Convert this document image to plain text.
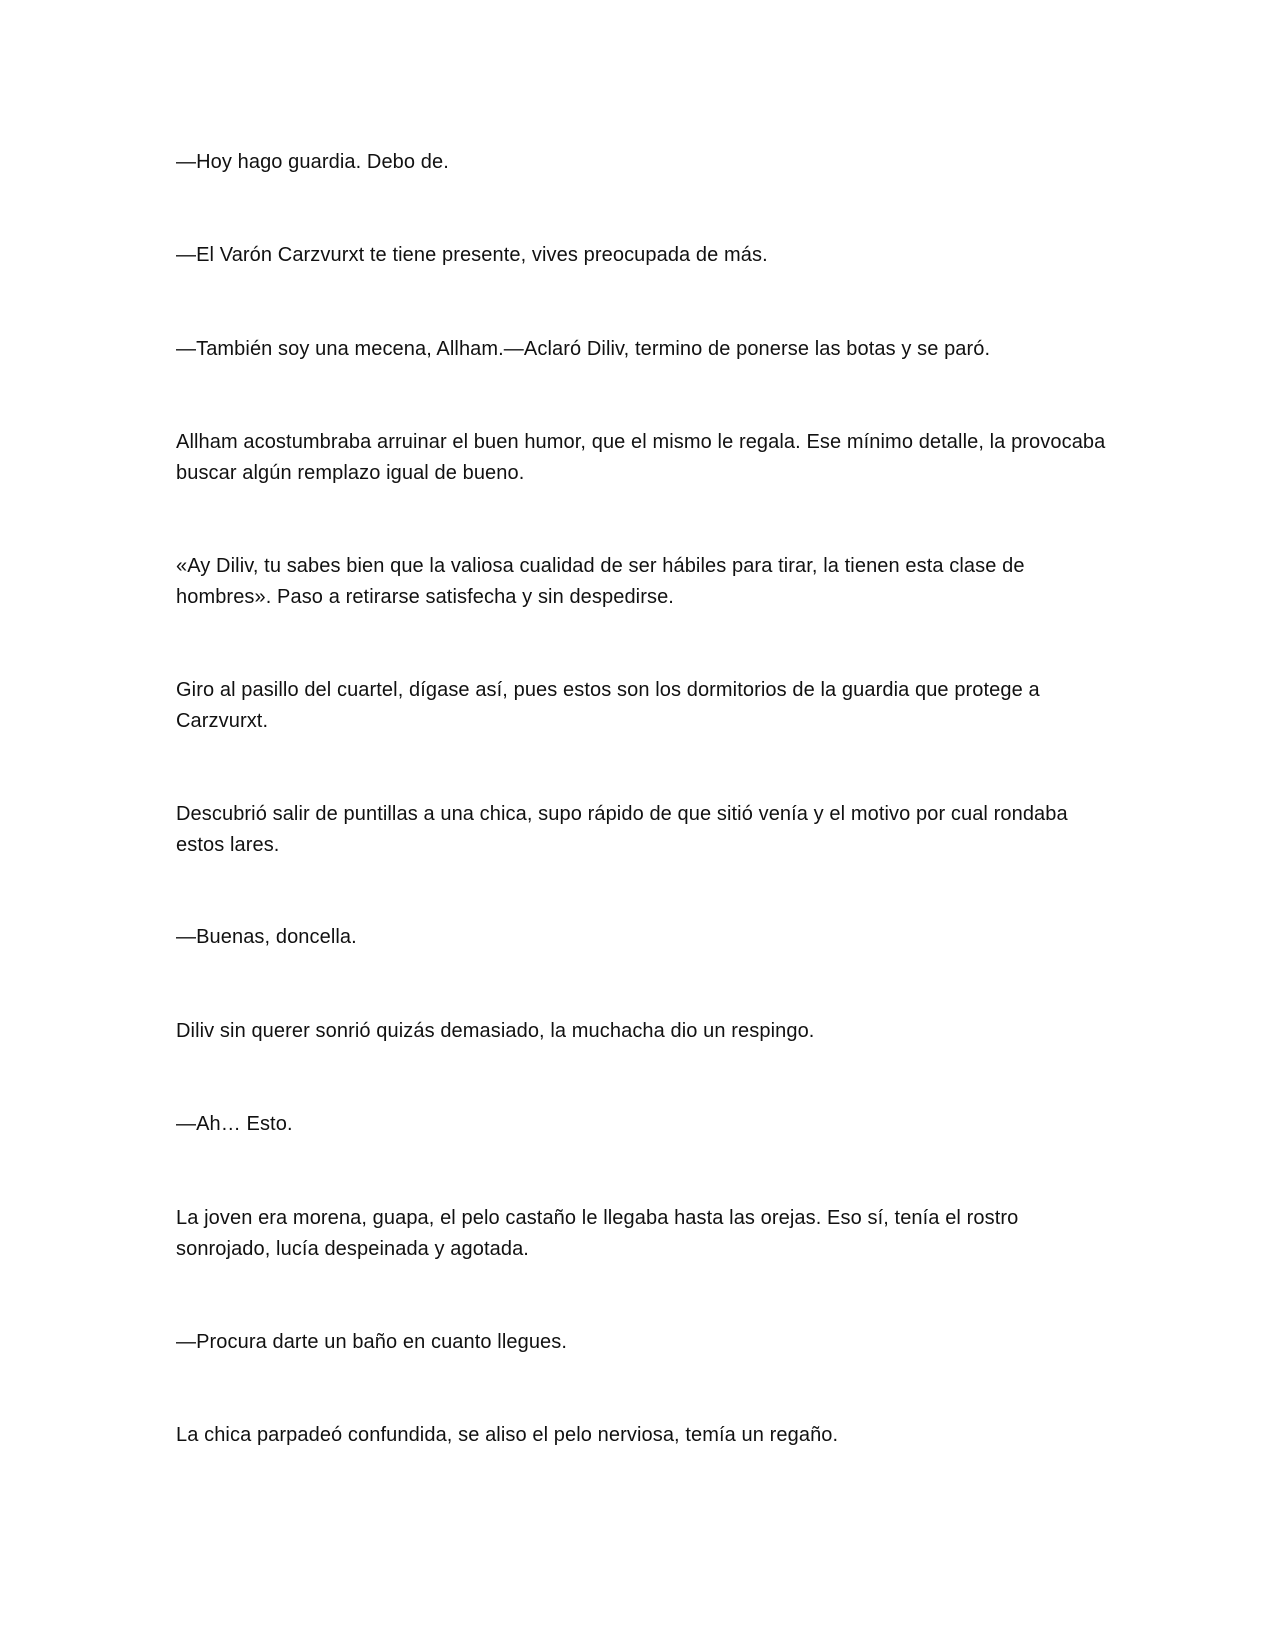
—Hoy hago guardia. Debo de.

—El Varón Carzvurxt te tiene presente, vives preocupada de más.

—También soy una mecena, Allham.—Aclaró Diliv, termino de ponerse las botas y se paró.

Allham acostumbraba arruinar el buen humor, que el mismo le regala. Ese mínimo detalle, la provocaba buscar algún remplazo igual de bueno.

«Ay Diliv, tu sabes bien que la valiosa cualidad de ser hábiles para tirar, la tienen esta clase de hombres». Paso a retirarse satisfecha y sin despedirse.

Giro al pasillo del cuartel, dígase así, pues estos son los dormitorios de la guardia que protege a Carzvurxt.

Descubrió salir de puntillas a una chica, supo rápido de que sitió venía y el motivo por cual rondaba estos lares.

—Buenas, doncella.

Diliv sin querer sonrió quizás demasiado, la muchacha dio un respingo.

—Ah… Esto.

La joven era morena, guapa, el pelo castaño le llegaba hasta las orejas. Eso sí, tenía el rostro sonrojado, lucía despeinada y agotada.

—Procura darte un baño en cuanto llegues.

La chica parpadeó confundida, se aliso el pelo nerviosa, temía un regaño.
